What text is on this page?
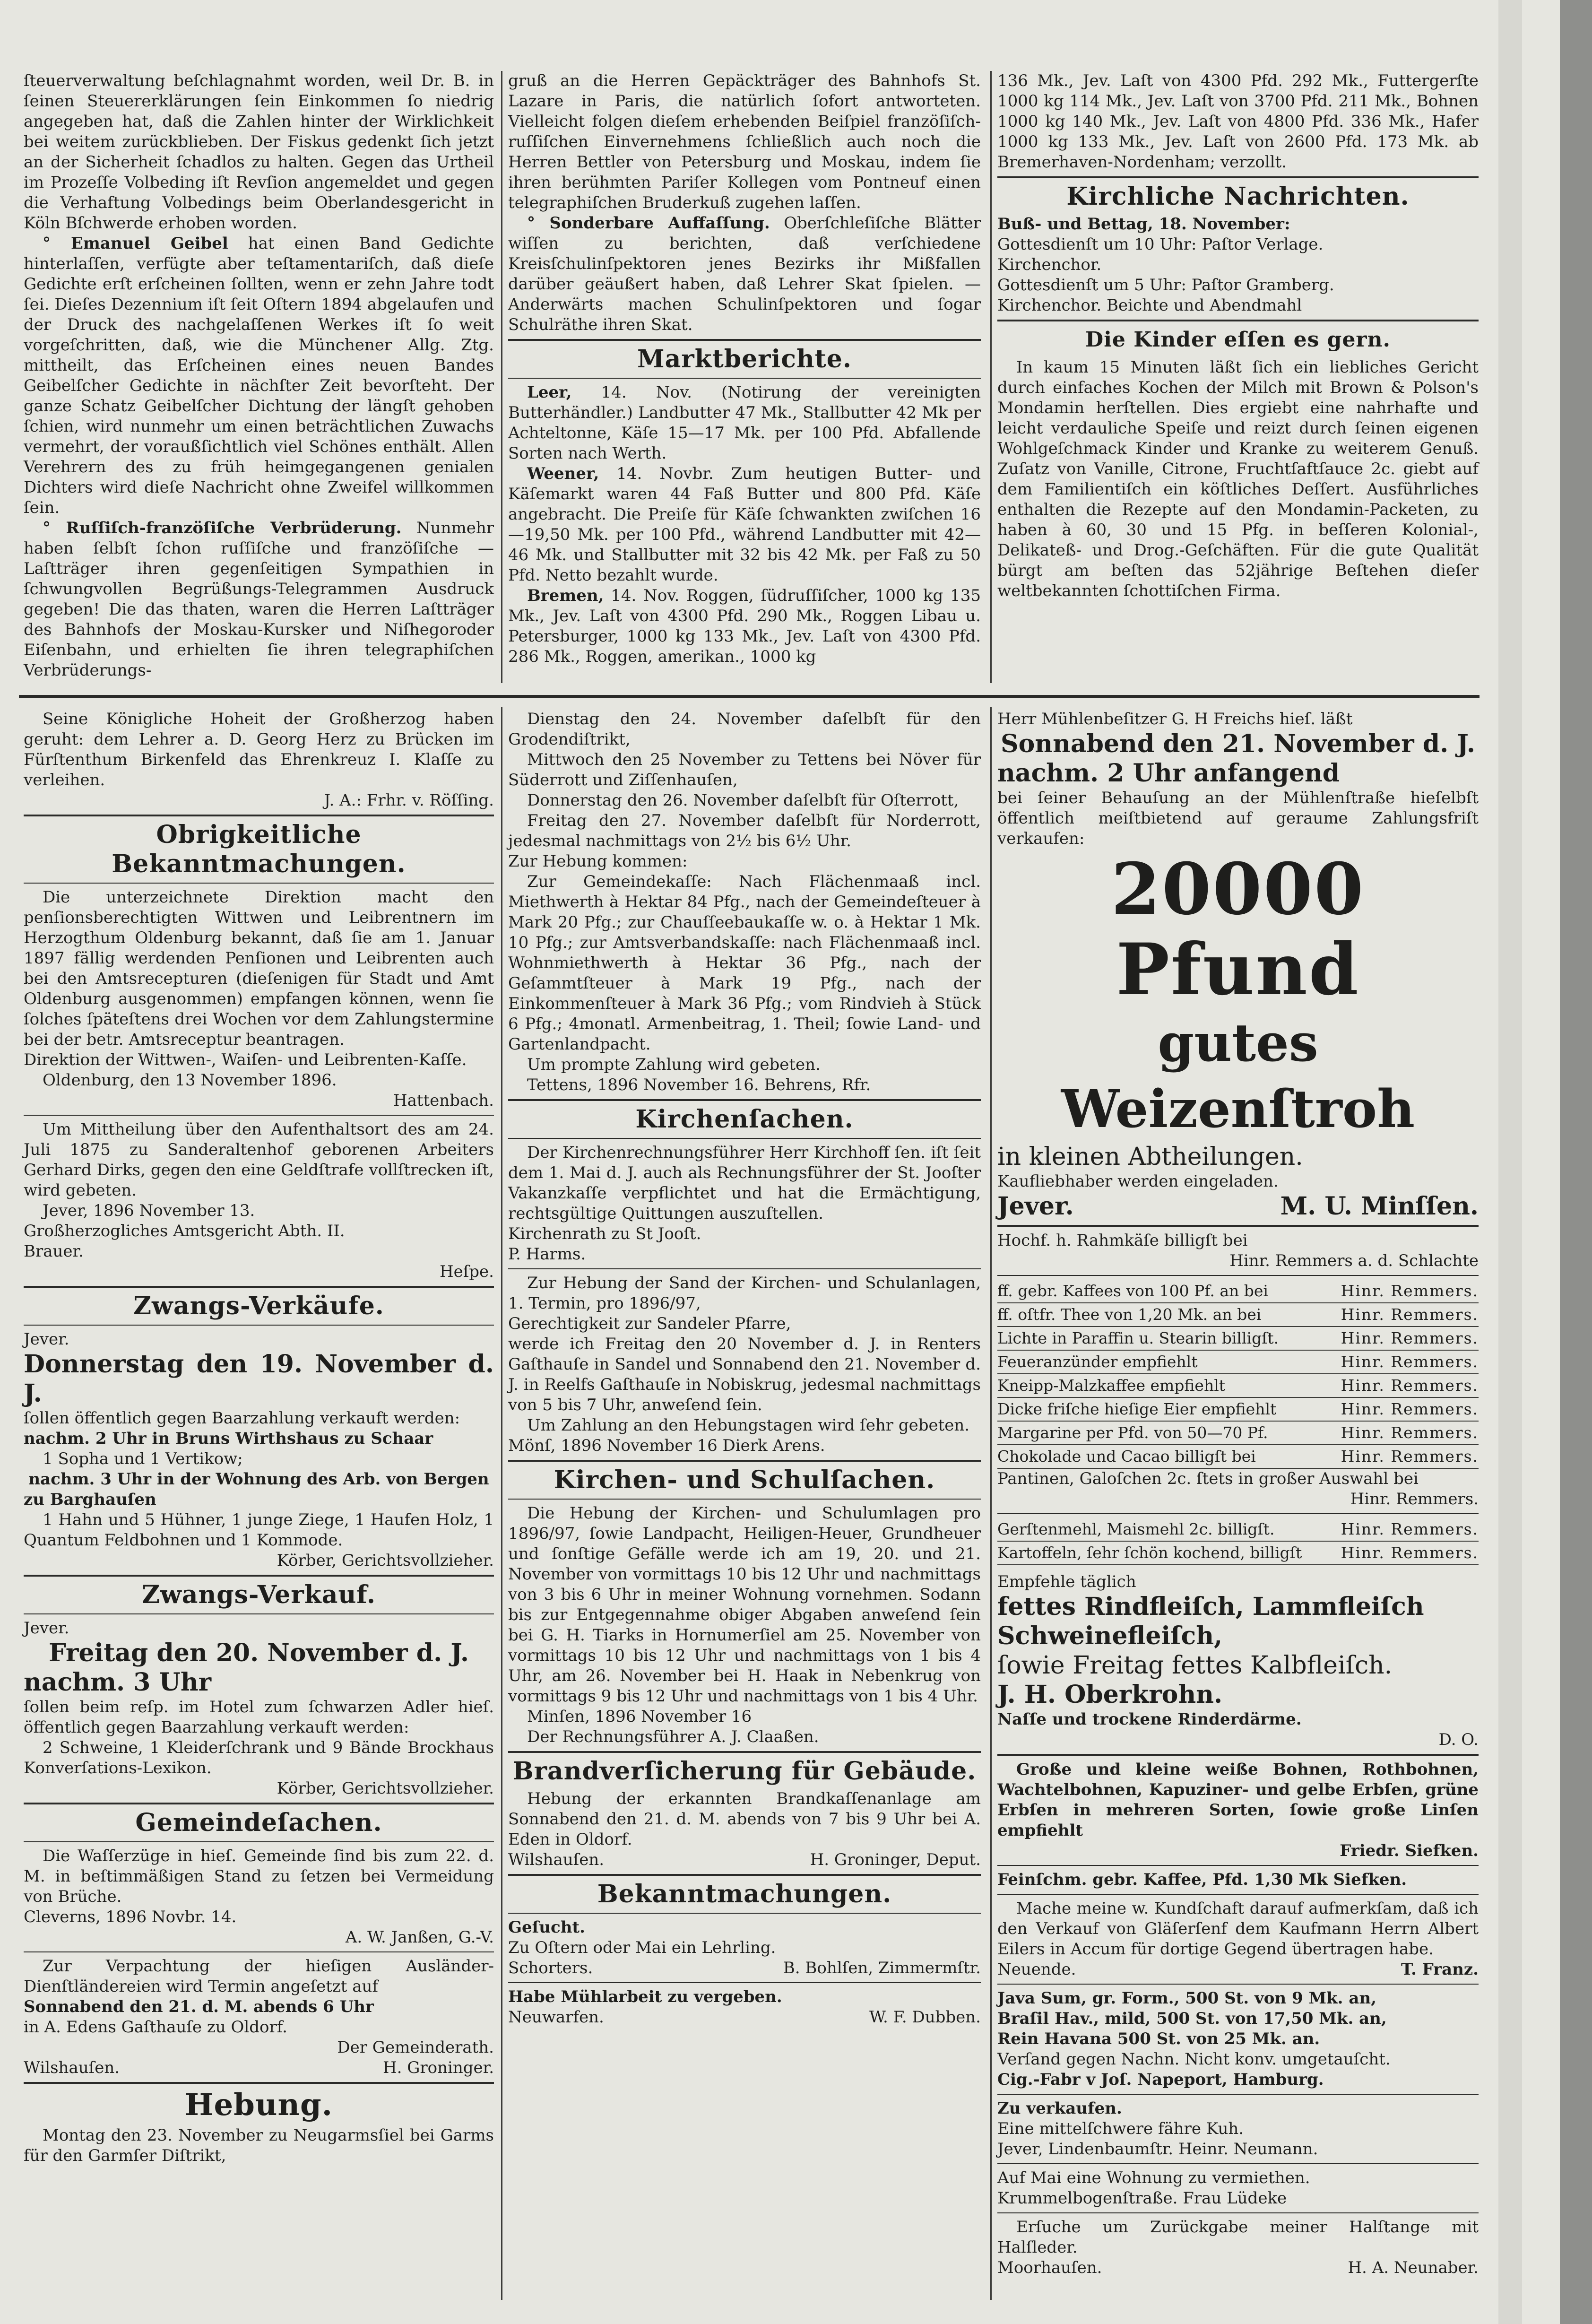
ſteuerverwaltung beſchlagnahmt worden, weil Dr. B. in ſeinen Steuererklärungen ſein Einkommen ſo niedrig angegeben hat, daß die Zahlen hinter der Wirklichkeit bei weitem zurückblieben. Der Fiskus gedenkt ſich jetzt an der Sicherheit ſchadlos zu halten. Gegen das Urtheil im Prozeſſe Volbeding iſt Revſion angemeldet und gegen die Verhaftung Volbedings beim Oberlandesgericht in Köln Bſchwerde erhoben worden.

° Emanuel Geibel hat einen Band Gedichte hinterlaſſen, verfügte aber teſtamentariſch, daß dieſe Gedichte erſt erſcheinen ſollten, wenn er zehn Jahre todt ſei. Dieſes Dezennium iſt ſeit Oſtern 1894 abgelaufen und der Druck des nachgelaſſenen Werkes iſt ſo weit vorgeſchritten, daß, wie die Münchener Allg. Ztg. mittheilt, das Erſcheinen eines neuen Bandes Geibelſcher Gedichte in nächſter Zeit bevorſteht. Der ganze Schatz Geibelſcher Dichtung der längſt gehoben ſchien, wird nunmehr um einen beträchtlichen Zuwachs vermehrt, der voraußſichtlich viel Schönes enthält. Allen Verehrern des zu früh heimgegangenen genialen Dichters wird dieſe Nachricht ohne Zweifel willkommen ſein.

° Ruſſiſch-franzöſiſche Verbrüderung. Nunmehr haben ſelbſt ſchon ruſſiſche und franzöſiſche — Laſtträger ihren gegenſeitigen Sympathien in ſchwungvollen Begrüßungs-Telegrammen Ausdruck gegeben! Die das thaten, waren die Herren Laſtträger des Bahnhofs der Moskau-Kursker und Niſhegoroder Eiſenbahn, und erhielten ſie ihren telegraphiſchen Verbrüderungs-

gruß an die Herren Gepäckträger des Bahnhofs St. Lazare in Paris, die natürlich ſofort antworteten. Vielleicht folgen dieſem erhebenden Beiſpiel franzöſiſch-ruſſiſchen Einvernehmens ſchließlich auch noch die Herren Bettler von Petersburg und Moskau, indem ſie ihren berühmten Pariſer Kollegen vom Pontneuf einen telegraphiſchen Bruderkuß zugehen laſſen.

° Sonderbare Auffaſſung. Oberſchleſiſche Blätter wiſſen zu berichten, daß verſchiedene Kreisſchulinſpektoren jenes Bezirks ihr Mißfallen darüber geäußert haben, daß Lehrer Skat ſpielen. — Anderwärts machen Schulinſpektoren und ſogar Schulräthe ihren Skat.

Marktberichte.

Leer, 14. Nov. (Notirung der vereinigten Butterhändler.) Landbutter 47 Mk., Stallbutter 42 Mk per Achteltonne, Käſe 15—17 Mk. per 100 Pfd. Abfallende Sorten nach Werth.

Weener, 14. Novbr. Zum heutigen Butter- und Käſemarkt waren 44 Faß Butter und 800 Pfd. Käſe angebracht. Die Preiſe für Käſe ſchwankten zwiſchen 16—19,50 Mk. per 100 Pfd., während Landbutter mit 42—46 Mk. und Stallbutter mit 32 bis 42 Mk. per Faß zu 50 Pfd. Netto bezahlt wurde.

Bremen, 14. Nov. Roggen, ſüdruſſiſcher, 1000 kg 135 Mk., Jev. Laſt von 4300 Pfd. 290 Mk., Roggen Libau u. Petersburger, 1000 kg 133 Mk., Jev. Laſt von 4300 Pfd. 286 Mk., Roggen, amerikan., 1000 kg

136 Mk., Jev. Laſt von 4300 Pfd. 292 Mk., Futtergerſte 1000 kg 114 Mk., Jev. Laſt von 3700 Pfd. 211 Mk., Bohnen 1000 kg 140 Mk., Jev. Laſt von 4800 Pfd. 336 Mk., Hafer 1000 kg 133 Mk., Jev. Laſt von 2600 Pfd. 173 Mk. ab Bremerhaven-Nordenham; verzollt.

Kirchliche Nachrichten.

Buß- und Bettag, 18. November:

Gottesdienſt um 10 Uhr: Paſtor Verlage.

Kirchenchor.

Gottesdienſt um 5 Uhr: Paſtor Gramberg.

Kirchenchor. Beichte und Abendmahl

Die Kinder eſſen es gern.

In kaum 15 Minuten läßt ſich ein liebliches Gericht durch einfaches Kochen der Milch mit Brown & Polson's Mondamin herſtellen. Dies ergiebt eine nahrhafte und leicht verdauliche Speiſe und reizt durch ſeinen eigenen Wohlgeſchmack Kinder und Kranke zu weiterem Genuß. Zuſatz von Vanille, Citrone, Fruchtſaftſauce 2c. giebt auf dem Familientiſch ein köſtliches Deſſert. Ausführliches enthalten die Rezepte auf den Mondamin-Packeten, zu haben à 60, 30 und 15 Pfg. in beſſeren Kolonial-, Delikateß- und Drog.-Geſchäften. Für die gute Qualität bürgt am beſten das 52jährige Beſtehen dieſer weltbekannten ſchottiſchen Firma.

Seine Königliche Hoheit der Großherzog haben geruht: dem Lehrer a. D. Georg Herz zu Brücken im Fürſtenthum Birkenfeld das Ehrenkreuz I. Klaſſe zu verleihen.

J. A.: Frhr. v. Röſſing.

Obrigkeitliche Bekanntmachungen.

Die unterzeichnete Direktion macht den penſionsberechtigten Wittwen und Leibrentnern im Herzogthum Oldenburg bekannt, daß ſie am 1. Januar 1897 fällig werdenden Penſionen und Leibrenten auch bei den Amtsrecepturen (dieſenigen für Stadt und Amt Oldenburg ausgenommen) empfangen können, wenn ſie ſolches ſpäteſtens drei Wochen vor dem Zahlungstermine bei der betr. Amtsreceptur beantragen.

Direktion der Wittwen-, Waiſen- und Leibrenten-Kaſſe.

Oldenburg, den 13 November 1896.

Hattenbach.

Um Mittheilung über den Aufenthaltsort des am 24. Juli 1875 zu Sanderaltenhof geborenen Arbeiters Gerhard Dirks, gegen den eine Geldſtrafe vollſtrecken iſt, wird gebeten.

Jever, 1896 November 13.

Großherzogliches Amtsgericht Abth. II.

Brauer.

Heſpe.

Zwangs-Verkäufe.

Jever.

Donnerstag den 19. November d. J.

ſollen öffentlich gegen Baarzahlung verkauft werden:

nachm. 2 Uhr in Bruns Wirthshaus zu Schaar

1 Sopha und 1 Vertikow;

nachm. 3 Uhr in der Wohnung des Arb. von Bergen zu Barghauſen

1 Hahn und 5 Hühner, 1 junge Ziege, 1 Haufen Holz, 1 Quantum Feldbohnen und 1 Kommode.

Körber, Gerichtsvollzieher.

Zwangs-Verkauf.

Jever.

Freitag den 20. November d. J. nachm. 3 Uhr

ſollen beim reſp. im Hotel zum ſchwarzen Adler hieſ. öffentlich gegen Baarzahlung verkauft werden:

2 Schweine, 1 Kleiderſchrank und 9 Bände Brockhaus Konverſations-Lexikon.

Körber, Gerichtsvollzieher.

Gemeindeſachen.

Die Waſſerzüge in hieſ. Gemeinde ſind bis zum 22. d. M. in beſtimmäßigen Stand zu ſetzen bei Vermeidung von Brüche.

Cleverns, 1896 Novbr. 14.

A. W. Janßen, G.-V.

Zur Verpachtung der hieſigen Ausländer-Dienſtländereien wird Termin angeſetzt auf

Sonnabend den 21. d. M. abends 6 Uhr

in A. Edens Gaſthauſe zu Oldorf.

Der Gemeinderath.

Wilshauſen.	H. Groninger.
Hebung.

Montag den 23. November zu Neugarmsſiel bei Garms für den Garmſer Diſtrikt,

Dienstag den 24. November daſelbſt für den Grodendiſtrikt,

Mittwoch den 25 November zu Tettens bei Növer für Süderrott und Ziſſenhauſen,

Donnerstag den 26. November daſelbſt für Oſterrott,

Freitag den 27. November daſelbſt für Norderrott, jedesmal nachmittags von 2½ bis 6½ Uhr.

Zur Hebung kommen:

Zur Gemeindekaſſe: Nach Flächenmaaß incl. Miethwerth à Hektar 84 Pfg., nach der Gemeindeſteuer à Mark 20 Pfg.; zur Chauſſeebaukaſſe w. o. à Hektar 1 Mk. 10 Pfg.; zur Amtsverbandskaſſe: nach Flächenmaaß incl. Wohnmiethwerth à Hektar 36 Pfg., nach der Geſammtſteuer à Mark 19 Pfg., nach der Einkommenſteuer à Mark 36 Pfg.; vom Rindvieh à Stück 6 Pfg.; 4monatl. Armenbeitrag, 1. Theil; ſowie Land- und Gartenlandpacht.

Um prompte Zahlung wird gebeten.

Tettens, 1896 November 16. Behrens, Rfr.

Kirchenſachen.

Der Kirchenrechnungsführer Herr Kirchhoff ſen. iſt ſeit dem 1. Mai d. J. auch als Rechnungsführer der St. Jooſter Vakanzkaſſe verpflichtet und hat die Ermächtigung, rechtsgültige Quittungen auszuſtellen.

Kirchenrath zu St Jooſt.

P. Harms.

Zur Hebung der Sand der Kirchen- und Schulanlagen, 1. Termin, pro 1896/97,

Gerechtigkeit zur Sandeler Pfarre,

werde ich Freitag den 20 November d. J. in Renters Gaſthauſe in Sandel und Sonnabend den 21. November d. J. in Reelfs Gaſthauſe in Nobiskrug, jedesmal nachmittags von 5 bis 7 Uhr, anweſend ſein.

Um Zahlung an den Hebungstagen wird ſehr gebeten.

Mönſ, 1896 November 16 Dierk Arens.

Kirchen- und Schulſachen.

Die Hebung der Kirchen- und Schulumlagen pro 1896/97, ſowie Landpacht, Heiligen-Heuer, Grundheuer und ſonſtige Gefälle werde ich am 19, 20. und 21. November von vormittags 10 bis 12 Uhr und nachmittags von 3 bis 6 Uhr in meiner Wohnung vornehmen. Sodann bis zur Entgegennahme obiger Abgaben anweſend ſein bei G. H. Tiarks in Hornumerſiel am 25. November von vormittags 10 bis 12 Uhr und nachmittags von 1 bis 4 Uhr, am 26. November bei H. Haak in Nebenkrug von vormittags 9 bis 12 Uhr und nachmittags von 1 bis 4 Uhr.

Minſen, 1896 November 16

Der Rechnungsführer A. J. Claaßen.

Brandverſicherung für Gebäude.

Hebung der erkannten Brandkaſſenanlage am Sonnabend den 21. d. M. abends von 7 bis 9 Uhr bei A. Eden in Oldorf.

Wilshauſen.	H. Groninger, Deput.
Bekanntmachungen.

Geſucht.

Zu Oſtern oder Mai ein Lehrling.

Schorters.	B. Bohlſen, Zimmermſtr.

Habe Mühlarbeit zu vergeben.

Neuwarfen.	W. F. Dubben.

Herr Mühlenbeſitzer G. H Freichs hieſ. läßt

Sonnabend den 21. November d. J. nachm. 2 Uhr anfangend

bei ſeiner Behauſung an der Mühlenſtraße hieſelbſt öffentlich meiſtbietend auf geraume Zahlungsfriſt verkaufen:

20000 Pfund
gutes Weizenſtroh

in kleinen Abtheilungen.

Kaufliebhaber werden eingeladen.

Jever.	M. U. Minſſen.

Hochf. h. Rahmkäſe billigſt bei

Hinr. Remmers a. d. Schlachte

ff. gebr. Kaffees von 100 Pf. an bei	Hinr. Remmers.
ff. oſtfr. Thee von 1,20 Mk. an bei	Hinr. Remmers.
Lichte in Paraffin u. Stearin billigſt.	Hinr. Remmers.
Feueranzünder empfiehlt	Hinr. Remmers.
Kneipp-Malzkaffee empfiehlt	Hinr. Remmers.
Dicke friſche hieſige Eier empfiehlt	Hinr. Remmers.
Margarine per Pfd. von 50—70 Pf.	Hinr. Remmers.
Chokolade und Cacao billigſt bei	Hinr. Remmers.

Pantinen, Galoſchen 2c. ſtets in großer Auswahl bei

Hinr. Remmers.

Gerſtenmehl, Maismehl 2c. billigſt.	Hinr. Remmers.
Kartoffeln, ſehr ſchön kochend, billigſt Hinr. Remmers.

Empfehle täglich

fettes Rindfleiſch, Lammfleiſch

Schweinefleiſch,

ſowie Freitag fettes Kalbfleiſch.

J. H. Oberkrohn.

Naſſe und trockene Rinderdärme.

D. O.

Große und kleine weiße Bohnen, Rothbohnen, Wachtelbohnen, Kapuziner- und gelbe Erbſen, grüne Erbſen in mehreren Sorten, ſowie große Linſen empfiehlt

Friedr. Siefken.

Feinſchm. gebr. Kaffee, Pfd. 1,30 Mk Siefken.

Mache meine w. Kundſchaft darauf aufmerkſam, daß ich den Verkauf von Gläſerſenf dem Kaufmann Herrn Albert Eilers in Accum für dortige Gegend übertragen habe.

Neuende.	T. Franz.

Java Sum, gr. Form., 500 St. von 9 Mk. an,

Braſil Hav., mild, 500 St. von 17,50 Mk. an,

Rein Havana 500 St. von 25 Mk. an.

Verſand gegen Nachn. Nicht konv. umgetauſcht.

Cig.-Fabr v Joſ. Napeport, Hamburg.

Zu verkaufen.

Eine mittelſchwere fähre Kuh.

Jever, Lindenbaumſtr. Heinr. Neumann.

Auf Mai eine Wohnung zu vermiethen.

Krummelbogenſtraße. Frau Lüdeke

Erſuche um Zurückgabe meiner Halſtange mit Halſleder.

Moorhauſen.	H. A. Neunaber.
